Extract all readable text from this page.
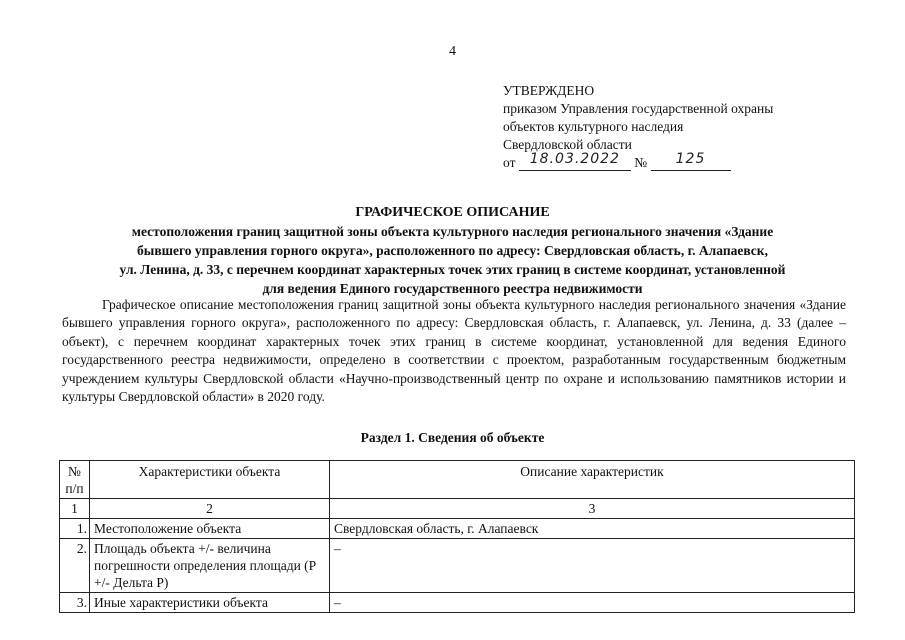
4
УТВЕРЖДЕНО
приказом Управления государственной охраны
объектов культурного наследия
Свердловской области
от 18.03.2022 № 125
ГРАФИЧЕСКОЕ ОПИСАНИЕ
местоположения границ защитной зоны объекта культурного наследия регионального значения «Здание
бывшего управления горного округа», расположенного по адресу: Свердловская область, г. Алапаевск,
ул. Ленина, д. 33, с перечнем координат характерных точек этих границ в системе координат, установленной
для ведения Единого государственного реестра недвижимости
Графическое описание местоположения границ защитной зоны объекта культурного наследия регионального значения «Здание бывшего управления горного округа», расположенного по адресу: Свердловская область, г. Алапаевск, ул. Ленина, д. 33 (далее – объект), с перечнем координат характерных точек этих границ в системе координат, установленной для ведения Единого государственного реестра недвижимости, определено в соответствии с проектом, разработанным государственным бюджетным учреждением культуры Свердловской области «Научно-производственный центр по охране и использованию памятников истории и культуры Свердловской области» в 2020 году.
Раздел 1. Сведения об объекте
№ п/п	Характеристики объекта	Описание характеристик
1	2	3
1.	Местоположение объекта	Свердловская область, г. Алапаевск
2.	Площадь объекта +/- величина погрешности определения площади (Р +/- Дельта Р)	–
3.	Иные характеристики объекта	–
